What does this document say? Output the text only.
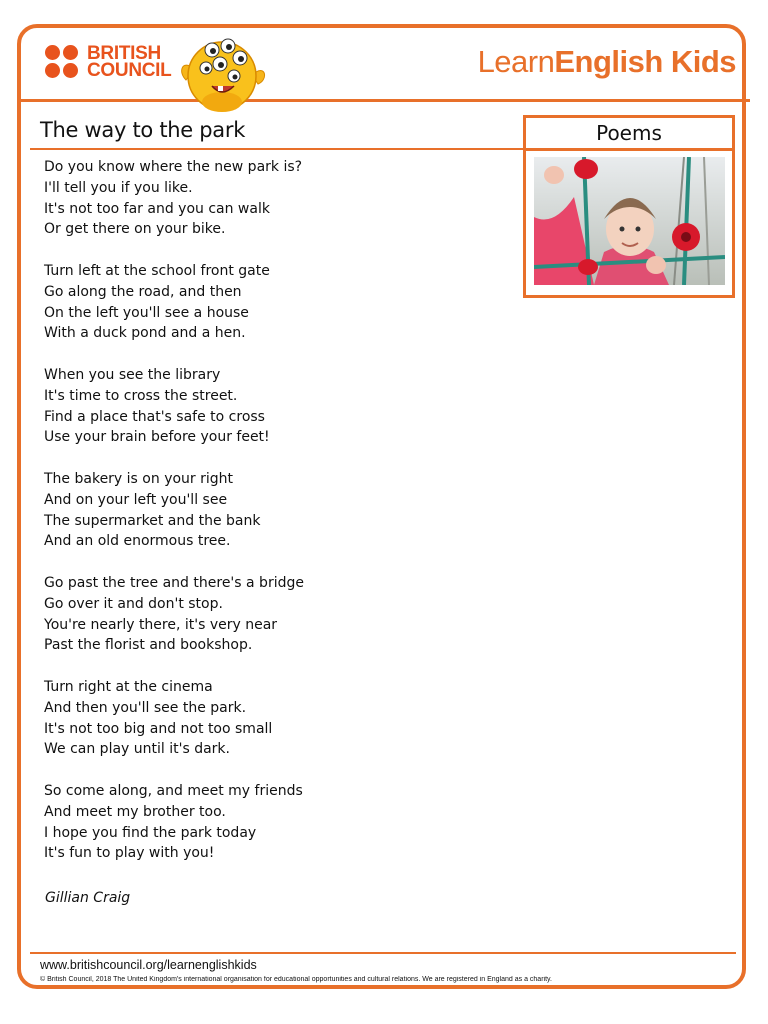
BRITISH
COUNCIL	LearnEnglish Kids
The way to the park	Poems
Do you know where the new park is?
I'll tell you if you like.
It's not too far and you can walk
Or get there on your bike.
Turn left at the school front gate
Go along the road, and then
On the left you'll see a house
With a duck pond and a hen.
When you see the library
It's time to cross the street.
Find a place that's safe to cross
Use your brain before your feet!
The bakery is on your right
And on your left you'll see
The supermarket and the bank
And an old enormous tree.
Go past the tree and there's a bridge
Go over it and don't stop.
You're nearly there, it's very near
Past the florist and bookshop.
Turn right at the cinema
And then you'll see the park.
It's not too big and not too small
We can play until it's dark.
So come along, and meet my friends
And meet my brother too.
I hope you find the park today
It's fun to play with you!
Gillian Craig
www.britishcouncil.org/learnenglishkids
© British Council, 2018 The United Kingdom's international organisation for educational opportunities and cultural relations. We are registered in England as a charity.
